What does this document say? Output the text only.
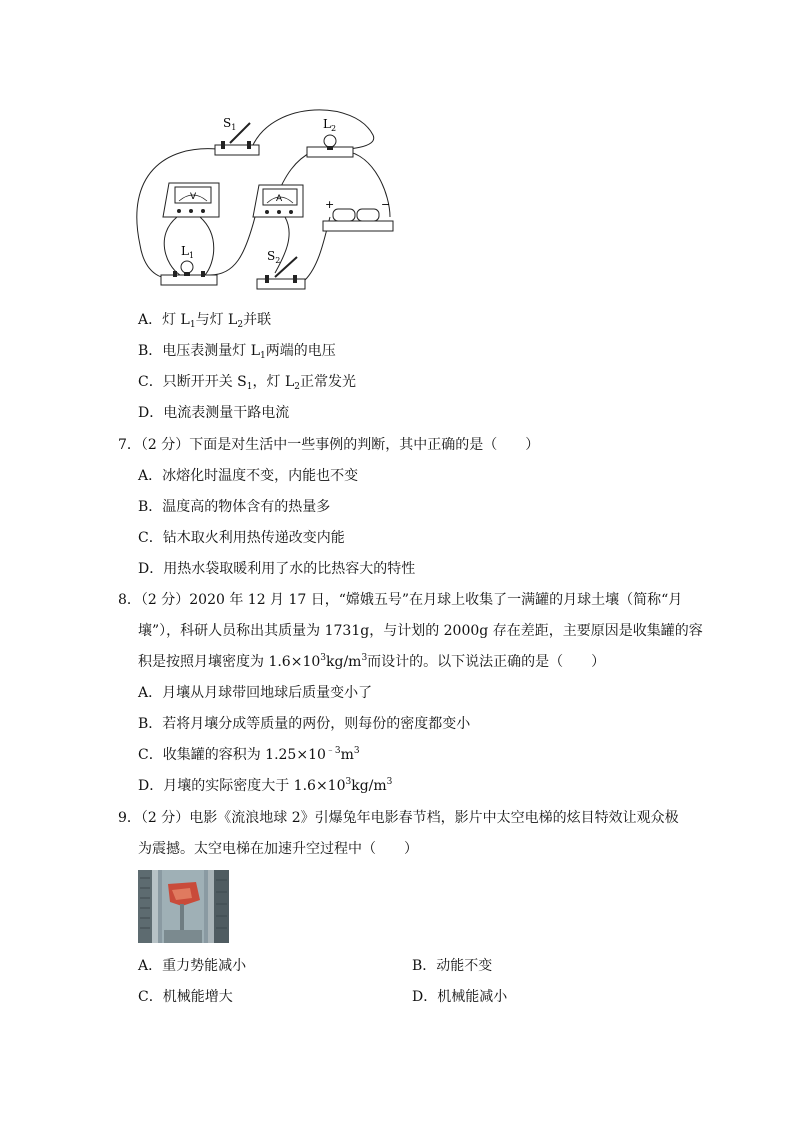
$S_1$	$L_2$
V	A	+	−
$L_1$	$S_2$
A．灯 $L_1$与灯 $L_2$并联
B．电压表测量灯 $L_1$两端的电压
C．只断开开关 $S_1$，灯 $L_2$正常发光
D．电流表测量干路电流
7．（2 分）下面是对生活中一些事例的判断，其中正确的是（　　）
A．冰熔化时温度不变，内能也不变
B．温度高的物体含有的热量多
C．钻木取火利用热传递改变内能
D．用热水袋取暖利用了水的比热容大的特性
8．（2 分）2020 年 12 月 17 日，“嫦娥五号”在月球上收集了一满罐的月球土壤（简称“月
壤”），科研人员称出其质量为 1731g，与计划的 2000g 存在差距，主要原因是收集罐的容
积是按照月壤密度为 $1.6\times 10^3kg/m^3$而设计的。以下说法正确的是（　　）
A．月壤从月球带回地球后质量变小了
B．若将月壤分成等质量的两份，则每份的密度都变小
C．收集罐的容积为 $1.25\times 10^{﹣3}m^3$
D．月壤的实际密度大于 $1.6\times 10^3kg/m^3$
9．（2 分）电影《流浪地球 2》引爆兔年电影春节档，影片中太空电梯的炫目特效让观众极
为震撼。太空电梯在加速升空过程中（　　）
A．重力势能减小	B．动能不变
C．机械能增大	D．机械能减小
